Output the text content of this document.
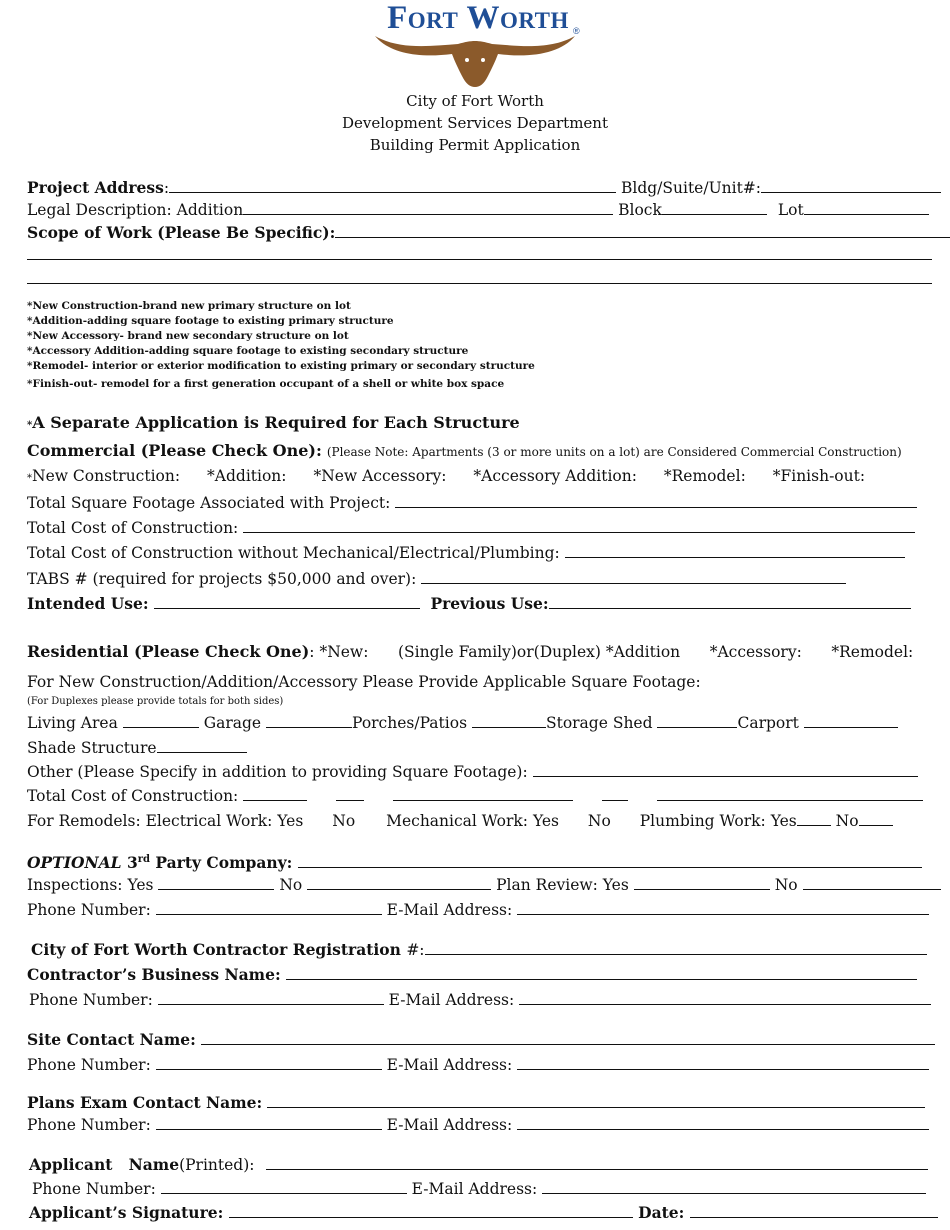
Fort Worth ®
City of Fort Worth
Development Services Department
Building Permit Application
Project Address:	Bldg/Suite/Unit#:
Legal Description: Addition	Block	Lot
Scope of Work (Please Be Specific):
*New Construction-brand new primary structure on lot
*Addition-adding square footage to existing primary structure
*New Accessory- brand new secondary structure on lot
*Accessory Addition-adding square footage to existing secondary structure
*Remodel- interior or exterior modification to existing primary or secondary structure
*Finish-out- remodel for a first generation occupant of a shell or white box space
*A Separate Application is Required for Each Structure
Commercial (Please Check One): (Please Note: Apartments (3 or more units on a lot) are Considered Commercial Construction)
*New Construction: *Addition: *New Accessory: *Accessory Addition: *Remodel: *Finish-out:
Total Square Footage Associated with Project:
Total Cost of Construction:
Total Cost of Construction without Mechanical/Electrical/Plumbing:
TABS # (required for projects $50,000 and over):
Intended Use:	Previous Use:
Residential (Please Check One): *New:      (Single Family)or(Duplex) *Addition      *Accessory:      *Remodel:
For New Construction/Addition/Accessory Please Provide Applicable Square Footage:
(For Duplexes please provide totals for both sides)
Living Area	Garage	Porches/Patios	Storage Shed	Carport
Shade Structure
Other (Please Specify in addition to providing Square Footage):
Total Cost of Construction:
For Remodels: Electrical Work: Yes No Mechanical Work: Yes No Plumbing Work: Yes	No
OPTIONAL 3rd Party Company:
Inspections: Yes	No	Plan Review: Yes	No
Phone Number:	E-Mail Address:
City of Fort Worth Contractor Registration #:
Contractor’s Business Name:
Phone Number:	E-Mail Address:
Site Contact Name:
Phone Number:	E-Mail Address:
Plans Exam Contact Name:
Phone Number:	E-Mail Address:
Applicant   Name(Printed):
Phone Number:	E-Mail Address:
Applicant’s Signature:	Date:
